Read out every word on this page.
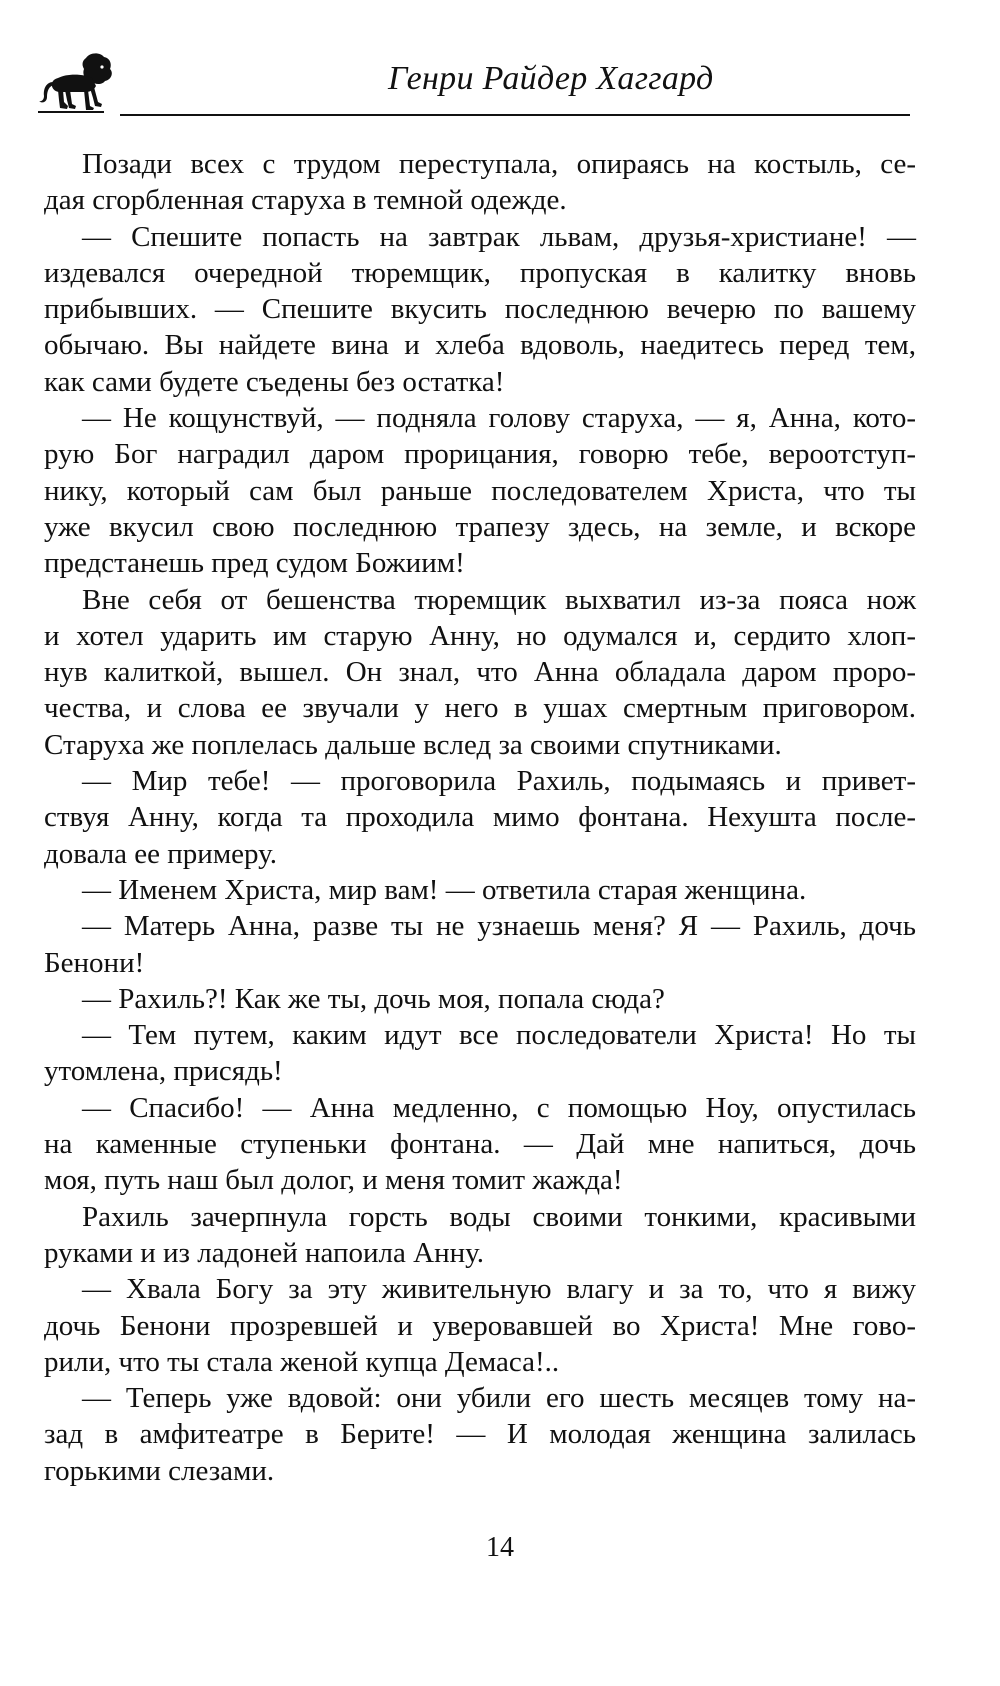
Генри Райдер Хаггард
Позади всех с трудом переступала, опираясь на костыль, се-
дая сгорбленная старуха в темной одежде.
— Спешите попасть на завтрак львам, друзья-христиане! —
издевался очередной тюремщик, пропуская в калитку вновь
прибывших. — Спешите вкусить последнюю вечерю по вашему
обычаю. Вы найдете вина и хлеба вдоволь, наедитесь перед тем,
как сами будете съедены без остатка!
— Не кощунствуй, — подняла голову старуха, — я, Анна, кото-
рую Бог наградил даром прорицания, говорю тебе, вероотступ-
нику, который сам был раньше последователем Христа, что ты
уже вкусил свою последнюю трапезу здесь, на земле, и вскоре
предстанешь пред судом Божиим!
Вне себя от бешенства тюремщик выхватил из-за пояса нож
и хотел ударить им старую Анну, но одумался и, сердито хлоп-
нув калиткой, вышел. Он знал, что Анна обладала даром проро-
чества, и слова ее звучали у него в ушах смертным приговором.
Старуха же поплелась дальше вслед за своими спутниками.
— Мир тебе! — проговорила Рахиль, подымаясь и привет-
ствуя Анну, когда та проходила мимо фонтана. Нехушта после-
довала ее примеру.
— Именем Христа, мир вам! — ответила старая женщина.
— Матерь Анна, разве ты не узнаешь меня? Я — Рахиль, дочь
Бенони!
— Рахиль?! Как же ты, дочь моя, попала сюда?
— Тем путем, каким идут все последователи Христа! Но ты
утомлена, присядь!
— Спасибо! — Анна медленно, с помощью Ноу, опустилась
на каменные ступеньки фонтана. — Дай мне напиться, дочь
моя, путь наш был долог, и меня томит жажда!
Рахиль зачерпнула горсть воды своими тонкими, красивыми
руками и из ладоней напоила Анну.
— Хвала Богу за эту живительную влагу и за то, что я вижу
дочь Бенони прозревшей и уверовавшей во Христа! Мне гово-
рили, что ты стала женой купца Демаса!..
— Теперь уже вдовой: они убили его шесть месяцев тому на-
зад в амфитеатре в Берите! — И молодая женщина залилась
горькими слезами.
14
